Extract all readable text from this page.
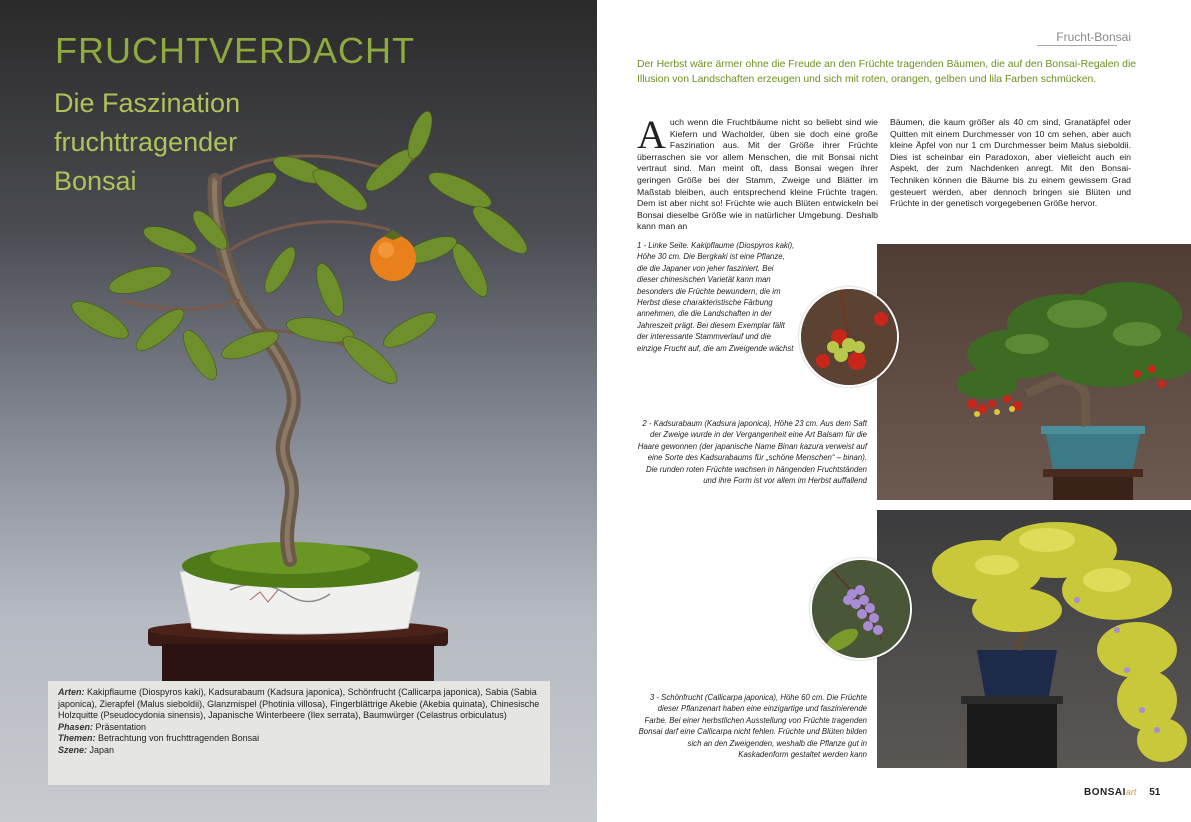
FRUCHTVERDACHT
Die Faszination
fruchttragender
Bonsai
Arten: Kakipflaume (Diospyros kaki), Kadsurabaum (Kadsura japonica), Schönfrucht (Callicarpa japonica), Sabia (Sabia japonica), Zierapfel (Malus sieboldii), Glanzmispel (Photinia villosa), Fingerblättrige Akebie (Akebia quinata), Chinesische Holzquitte (Pseudocydonia sinensis), Japanische Winterbeere (Ilex serrata), Baumwürger (Celastrus orbiculatus)
Phasen: Präsentation
Themen: Betrachtung von fruchttragenden Bonsai
Szene: Japan
Frucht-Bonsai
Der Herbst wäre ärmer ohne die Freude an den Früchte tragenden Bäumen, die auf den Bonsai-Regalen die Illusion von Landschaften erzeugen und sich mit roten, orangen, gelben und lila Farben schmücken.
Auch wenn die Fruchtbäume nicht so beliebt sind wie Kiefern und Wacholder, üben sie doch eine große Faszination aus. Mit der Größe ihrer Früchte überraschen sie vor allem Menschen, die mit Bonsai nicht vertraut sind. Man meint oft, dass Bonsai wegen ihrer geringen Größe bei der Stamm, Zweige und Blätter im Maßstab bleiben, auch entsprechend kleine Früchte tragen. Dem ist aber nicht so! Früchte wie auch Blüten entwickeln bei Bonsai dieselbe Größe wie in natürlicher Umgebung. Deshalb kann man an
Bäumen, die kaum größer als 40 cm sind, Granatäpfel oder Quitten mit einem Durchmesser von 10 cm sehen, aber auch kleine Äpfel von nur 1 cm Durchmesser beim Malus sieboldii. Dies ist scheinbar ein Paradoxon, aber vielleicht auch ein Aspekt, der zum Nachdenken anregt. Mit den Bonsai-Techniken können die Bäume bis zu einem gewissem Grad gesteuert werden, aber dennoch bringen sie Blüten und Früchte in der genetisch vorgegebenen Größe hervor.
1 - Linke Seite. Kakipflaume (Diospyros kaki), Höhe 30 cm. Die Bergkaki ist eine Pflanze, die die Japaner von jeher fasziniert. Bei dieser chinesischen Varietät kann man besonders die Früchte bewundern, die im Herbst diese charakteristische Färbung annehmen, die die Landschaften in der Jahreszeit prägt. Bei diesem Exemplar fällt der interessante Stammverlauf und die einzige Frucht auf, die am Zweigende wächst
2 - Kadsurabaum (Kadsura japonica), Höhe 23 cm. Aus dem Saft der Zweige wurde in der Vergangenheit eine Art Balsam für die Haare gewonnen (der japanische Name Binan kazura verweist auf eine Sorte des Kadsurabaums für „schöne Menschen“ – binan). Die runden roten Früchte wachsen in hängenden Fruchtständen und ihre Form ist vor allem im Herbst auffallend
3 - Schönfrucht (Callicarpa japonica), Höhe 60 cm. Die Früchte dieser Pflanzenart haben eine einzigartige und faszinierende Farbe. Bei einer herbstlichen Ausstellung von Früchte tragenden Bonsai darf eine Callicarpa nicht fehlen. Früchte und Blüten bilden sich an den Zweigenden, weshalb die Pflanze gut in Kaskadenform gestaltet werden kann
BONSAIart 51
